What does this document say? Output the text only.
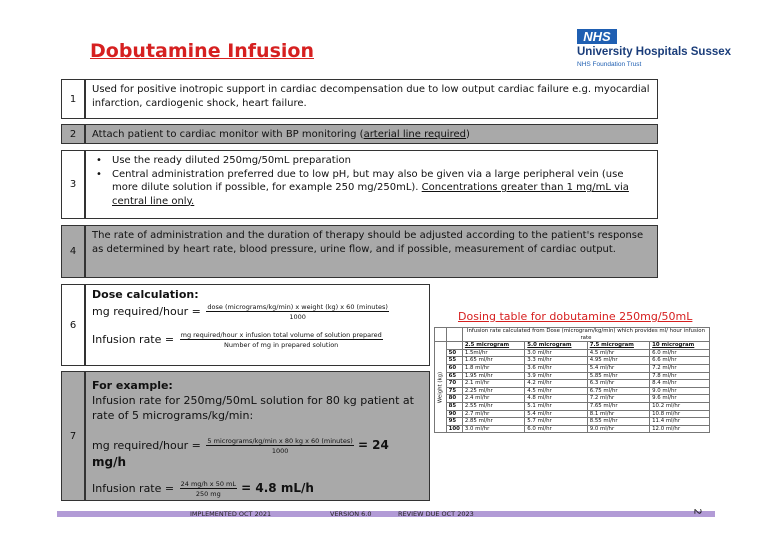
Dobutamine Infusion
NHS
University Hospitals Sussex
NHS Foundation Trust
1
Used for positive inotropic support in cardiac decompensation due to low output cardiac failure e.g. myocardial infarction, cardiogenic shock, heart failure.
2	Attach patient to cardiac monitor with BP monitoring (arterial line required)
3
• Use the ready diluted 250mg/50mL preparation
• Central administration preferred due to low pH, but may also be given via a large peripheral vein (use more dilute solution if possible, for example 250 mg/250mL). Concentrations greater than 1 mg/mL via central line only.
4
The rate of administration and the duration of therapy should be adjusted according to the patient's response as determined by heart rate, blood pressure, urine flow, and if possible, measurement of cardiac output.
6
Dose calculation:
mg required/hour = $\frac{\text{dose (micrograms/kg/min) x weight (kg) x 60 (minutes)}}{1000}$
Infusion rate = mg required/hour x infusion total volume of solution prepared
Number of mg in prepared solution
7
For example:
Infusion rate for 250mg/50mL solution for 80 kg patient at rate of 5 micrograms/kg/min:
mg required/hour = $\frac{\text{5 micrograms/kg/min x 80 kg x 60 (minutes)}}{1000} = 24$ mg/h
Infusion rate = $\frac{\text{24 mg/h x 50 mL}}{250 mg} = 4.8$ mL/h
Dosing table for dobutamine 250mg/50mL
		Infusion rate calculated from Dose (microgram/kg/min) which provides ml/ hour infusion rate			
Weight (kg)		2.5 microgram	5.0 microgram	7.5 microgram	10 microgram
	50	1.5ml/hr	3.0 ml/hr	4.5 ml/hr	6.0 ml/hr
	55	1.65 ml/hr	3.3 ml/hr	4.95 ml/hr	6.6 ml/hr
	60	1.8 ml/hr	3.6 ml/hr	5.4 ml/hr	7.2 ml/hr
	65	1.95 ml/hr	3.9 ml/hr	5.85 ml/hr	7.8 ml/hr
	70	2.1 ml/hr	4.2 ml/hr	6.3 ml/hr	8.4 ml/hr
	75	2.25 ml/hr	4.5 ml/hr	6.75 ml/hr	9.0 ml/hr
	80	2.4 ml/hr	4.8 ml/hr	7.2 ml/hr	9.6 ml/hr
	85	2.55 ml/hr	5.1 ml/hr	7.65 ml/hr	10.2 ml/hr
	90	2.7 ml/hr	5.4 ml/hr	8.1 ml/hr	10.8 ml/hr
	95	2.85 ml/hr	5.7 ml/hr	8.55 ml/hr	11.4 ml/hr
	100	3.0 ml/hr	6.0 ml/hr	9.0 ml/hr	12.0 ml/hr
IMPLEMENTED OCT 2021	VERSION 6.0	REVIEW DUE OCT 2023	2
